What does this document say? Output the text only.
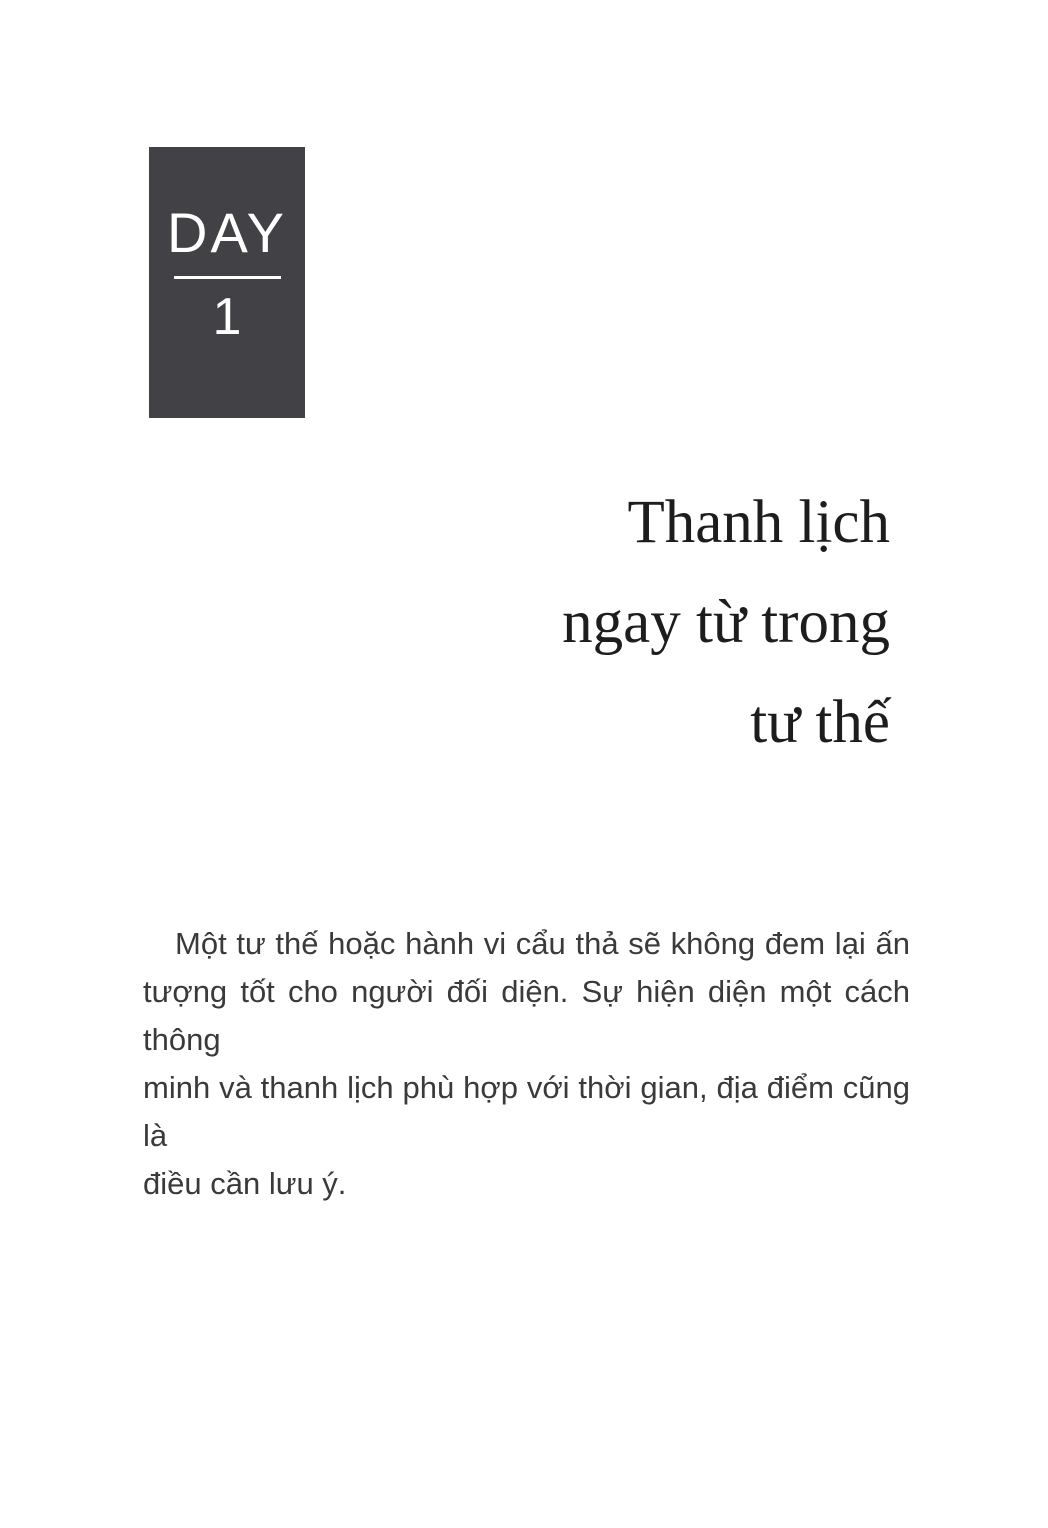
DAY
1
Thanh lịch
ngay từ trong
tư thế
Một tư thế hoặc hành vi cẩu thả sẽ không đem lại ấn
tượng tốt cho người đối diện. Sự hiện diện một cách thông
minh và thanh lịch phù hợp với thời gian, địa điểm cũng là
điều cần lưu ý.
